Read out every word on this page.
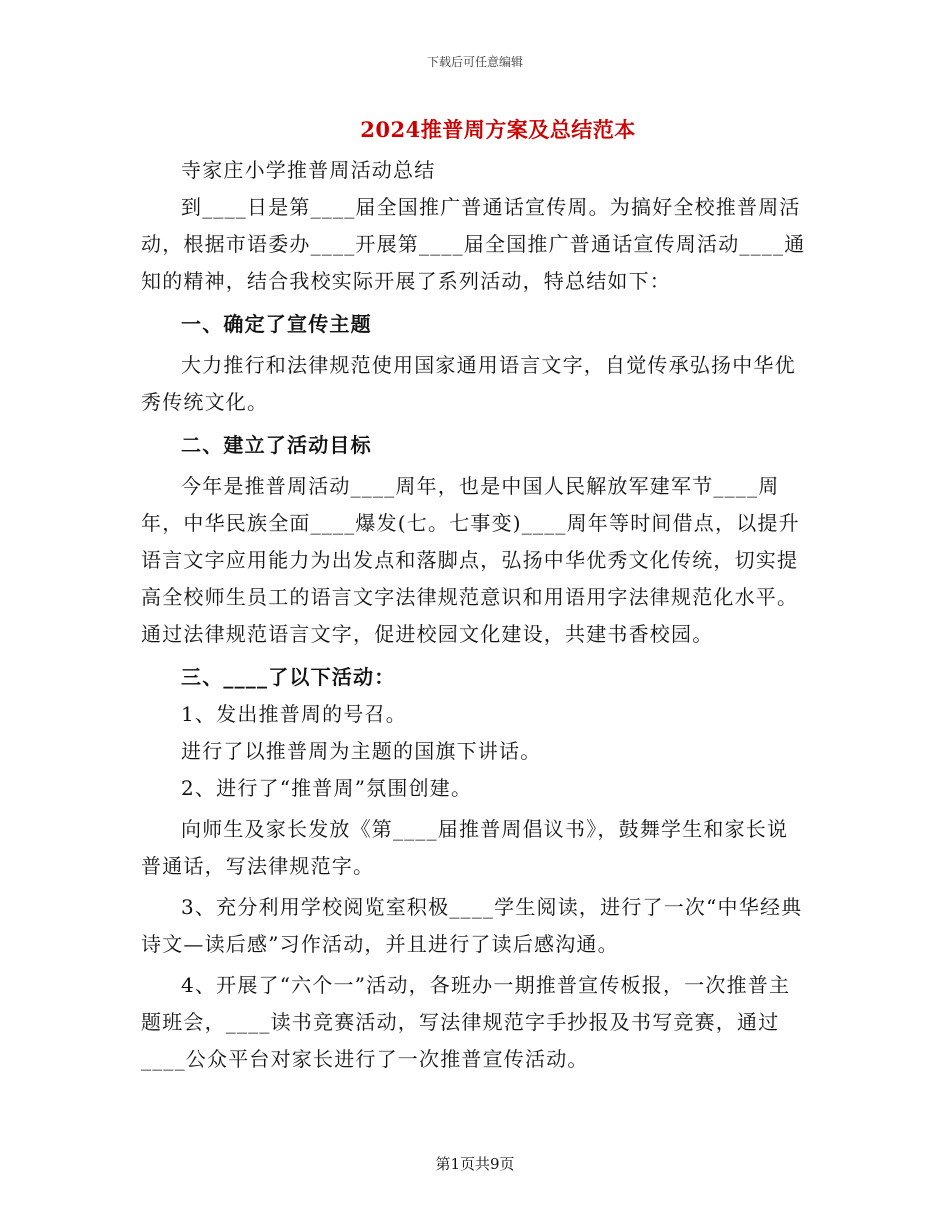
下载后可任意编辑
2024推普周方案及总结范本

寺家庄小学推普周活动总结

到____日是第____届全国推广普通话宣传周。为搞好全校推普周活动，根据市语委办____开展第____届全国推广普通话宣传周活动____通知的精神，结合我校实际开展了系列活动，特总结如下：

一、确定了宣传主题

大力推行和法律规范使用国家通用语言文字，自觉传承弘扬中华优秀传统文化。

二、建立了活动目标

今年是推普周活动____周年，也是中国人民解放军建军节____周年，中华民族全面____爆发(七。七事变)____周年等时间借点，以提升语言文字应用能力为出发点和落脚点，弘扬中华优秀文化传统，切实提高全校师生员工的语言文字法律规范意识和用语用字法律规范化水平。通过法律规范语言文字，促进校园文化建设，共建书香校园。

三、____了以下活动：

1、发出推普周的号召。

进行了以推普周为主题的国旗下讲话。

2、进行了“推普周”氛围创建。

向师生及家长发放《第____届推普周倡议书》，鼓舞学生和家长说普通话，写法律规范字。

3、充分利用学校阅览室积极____学生阅读，进行了一次“中华经典诗文—读后感”习作活动，并且进行了读后感沟通。

4、开展了“六个一”活动，各班办一期推普宣传板报，一次推普主题班会，____读书竞赛活动，写法律规范字手抄报及书写竞赛，通过____公众平台对家长进行了一次推普宣传活动。

第1页共9页
